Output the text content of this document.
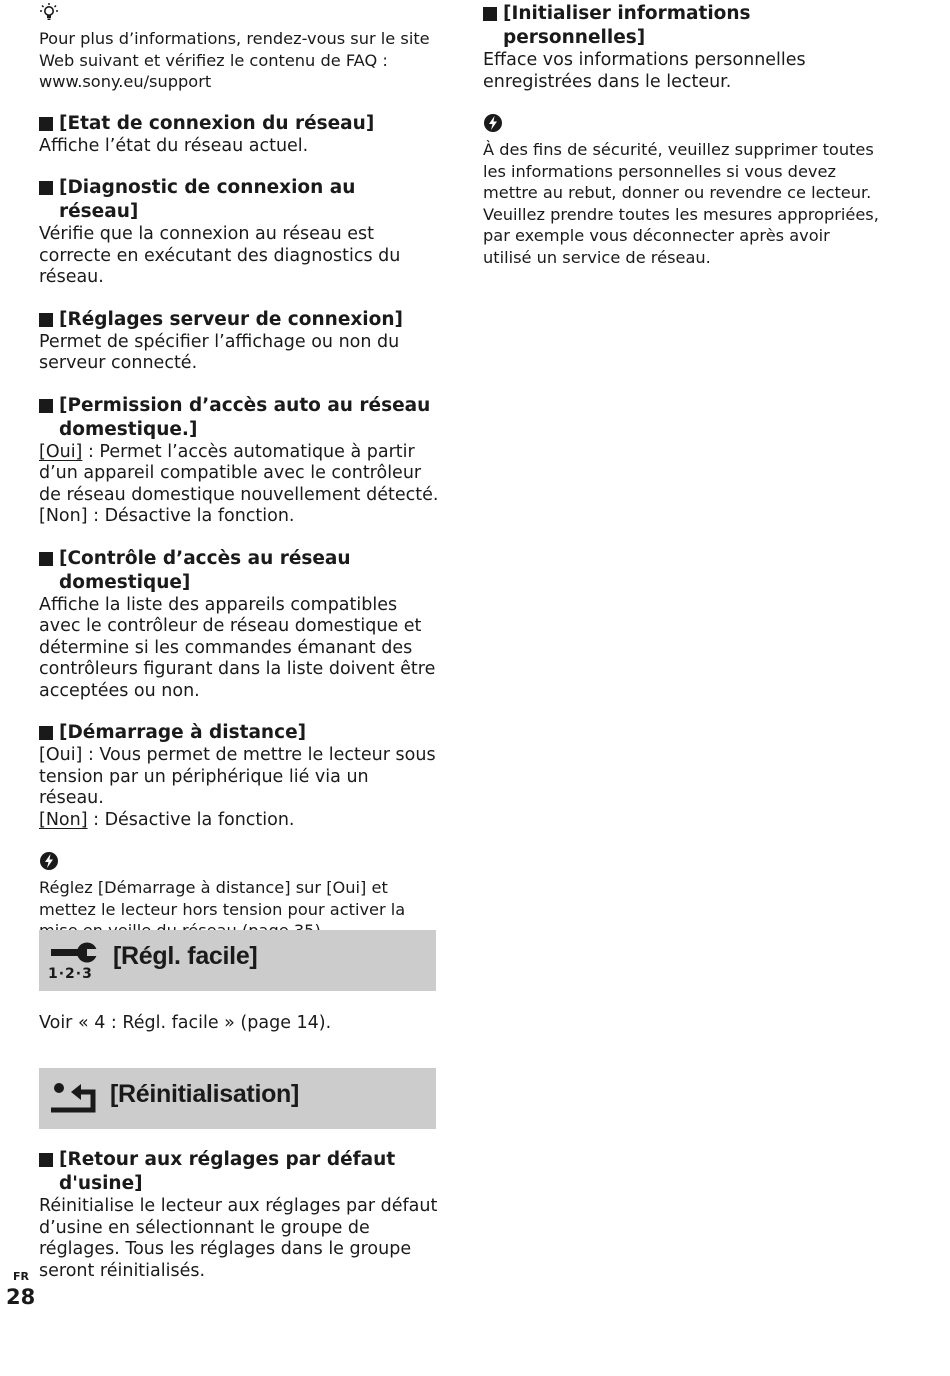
Pour plus d’informations, rendez-vous sur le site Web suivant et vérifiez le contenu de FAQ : www.sony.eu/support

[Etat de connexion du réseau]

Affiche l’état du réseau actuel.

[Diagnostic de connexion au réseau]

Vérifie que la connexion au réseau est correcte en exécutant des diagnostics du réseau.

[Réglages serveur de connexion]

Permet de spécifier l’affichage ou non du serveur connecté.

[Permission d’accès auto au réseau
domestique.]

[Oui] : Permet l’accès automatique à partir d’un appareil compatible avec le contrôleur de réseau domestique nouvellement détecté.

[Non] : Désactive la fonction.

[Contrôle d’accès au réseau domestique]

Affiche la liste des appareils compatibles avec le contrôleur de réseau domestique et détermine si les commandes émanant des contrôleurs figurant dans la liste doivent être acceptées ou non.

[Démarrage à distance]

[Oui] : Vous permet de mettre le lecteur sous tension par un périphérique lié via un réseau.

[Non] : Désactive la fonction.

Réglez [Démarrage à distance] sur [Oui] et mettez le lecteur hors tension pour activer la

1·2·3
[Régl. facile]

Voir « 4 : Régl. facile » (page 14).

[Réinitialisation]

[Retour aux réglages par défaut d'usine]

Réinitialise le lecteur aux réglages par défaut d’usine en sélectionnant le groupe de réglages. Tous les réglages dans le groupe seront réinitialisés.

[Initialiser informations personnelles]

Efface vos informations personnelles enregistrées dans le lecteur.

À des fins de sécurité, veuillez supprimer toutes les informations personnelles si vous devez mettre au rebut, donner ou revendre ce lecteur. Veuillez prendre toutes les mesures appropriées, par exemple vous déconnecter après avoir utilisé un service de réseau.

FR
28
